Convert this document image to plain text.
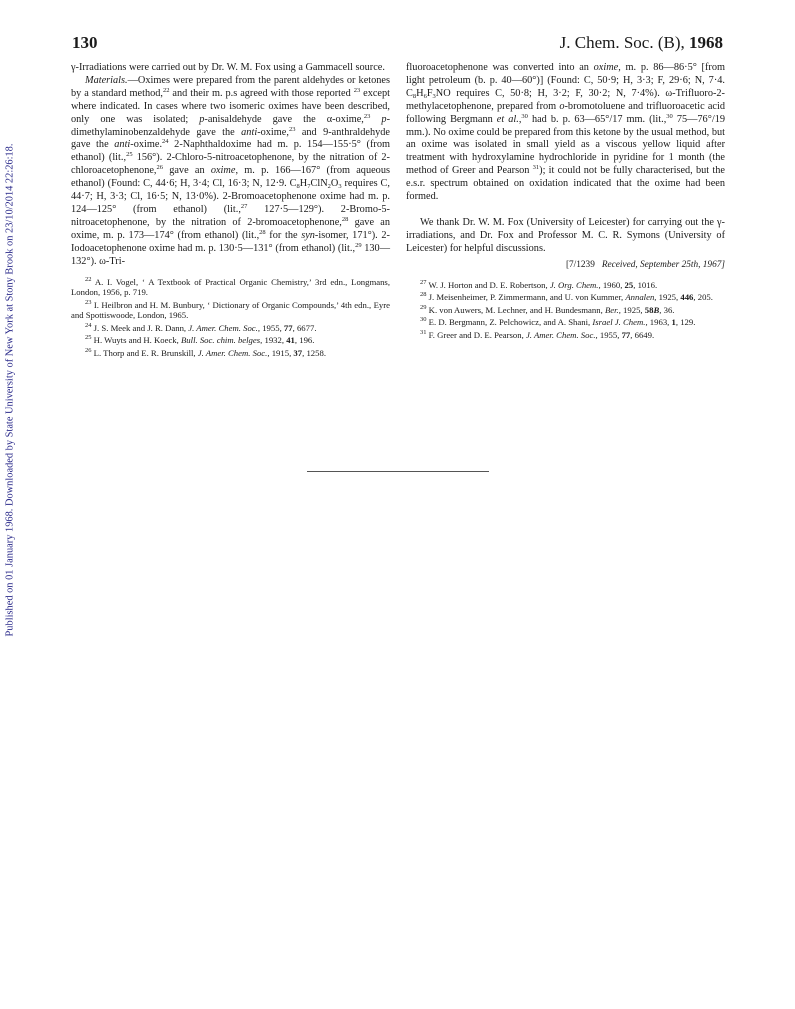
Published on 01 January 1968. Downloaded by State University of New York at Stony Brook on 23/10/2014 22:26:18.
130	J. Chem. Soc. (B), 1968

γ-Irradiations were carried out by Dr. W. M. Fox using a Gammacell source.

Materials.—Oximes were prepared from the parent aldehydes or ketones by a standard method,$^{22}$ and their m. p.s agreed with those reported $^{23}$ except where indicated. In cases where two isomeric oximes have been described, only one was isolated; p-anisaldehyde gave the α-oxime,$^{23}$ p-dimethylaminobenzaldehyde gave the anti-oxime,$^{23}$ and 9-anthraldehyde gave the anti-oxime.$^{24}$ 2-Naphthaldoxime had m. p. 154—155·5° (from ethanol) (lit.,$^{25}$ 156°). 2-Chloro-5-nitroacetophenone, by the nitration of 2-chloroacetophenone,$^{26}$ gave an oxime, m. p. 166—167° (from aqueous ethanol) (Found: C, 44·6; H, 3·4; Cl, 16·3; N, 12·9. $C_8H_7ClN_2O_3$ requires C, 44·7; H, 3·3; Cl, 16·5; N, 13·0%). 2-Bromoacetophenone oxime had m. p. 124—125° (from ethanol) (lit.,$^{27}$ 127·5—129°). 2-Bromo-5-nitroacetophenone, by the nitration of 2-bromoacetophenone,$^{28}$ gave an oxime, m. p. 173—174° (from ethanol) (lit.,$^{28}$ for the syn-isomer, 171°). 2-Iodoacetophenone oxime had m. p. 130·5—131° (from ethanol) (lit.,$^{29}$ 130—132°). ω-Tri-

$^{22}$ A. I. Vogel, ‘ A Textbook of Practical Organic Chemistry,’ 3rd edn., Longmans, London, 1956, p. 719.

$^{23}$ I. Heilbron and H. M. Bunbury, ‘ Dictionary of Organic Compounds,’ 4th edn., Eyre and Spottiswoode, London, 1965.

$^{24}$ J. S. Meek and J. R. Dann, J. Amer. Chem. Soc., 1955, 77, 6677.

$^{25}$ H. Wuyts and H. Koeck, Bull. Soc. chim. belges, 1932, 41, 196.

$^{26}$ L. Thorp and E. R. Brunskill, J. Amer. Chem. Soc., 1915, 37, 1258.

fluoroacetophenone was converted into an oxime, m. p. 86—86·5° [from light petroleum (b. p. 40—60°)] (Found: C, 50·9; H, 3·3; F, 29·6; N, 7·4. $C_8H_6F_3NO$ requires C, 50·8; H, 3·2; F, 30·2; N, 7·4%). ω-Trifluoro-2-methylacetophenone, prepared from o-bromotoluene and trifluoroacetic acid following Bergmann et al.,$^{30}$ had b. p. 63—65°/17 mm. (lit.,$^{30}$ 75—76°/19 mm.). No oxime could be prepared from this ketone by the usual method, but an oxime was isolated in small yield as a viscous yellow liquid after treatment with hydroxylamine hydrochloride in pyridine for 1 month (the method of Greer and Pearson $^{31}$); it could not be fully characterised, but the e.s.r. spectrum obtained on oxidation indicated that the oxime had been formed.

We thank Dr. W. M. Fox (University of Leicester) for carrying out the γ-irradiations, and Dr. Fox and Professor M. C. R. Symons (University of Leicester) for helpful discussions.

[7/1239 Received, September 25th, 1967]

$^{27}$ W. J. Horton and D. E. Robertson, J. Org. Chem., 1960, 25, 1016.

$^{28}$ J. Meisenheimer, P. Zimmermann, and U. von Kummer, Annalen, 1925, 446, 205.

$^{29}$ K. von Auwers, M. Lechner, and H. Bundesmann, Ber., 1925, 58B, 36.

$^{30}$ E. D. Bergmann, Z. Pelchowicz, and A. Shani, Israel J. Chem., 1963, 1, 129.

$^{31}$ F. Greer and D. E. Pearson, J. Amer. Chem. Soc., 1955, 77, 6649.
